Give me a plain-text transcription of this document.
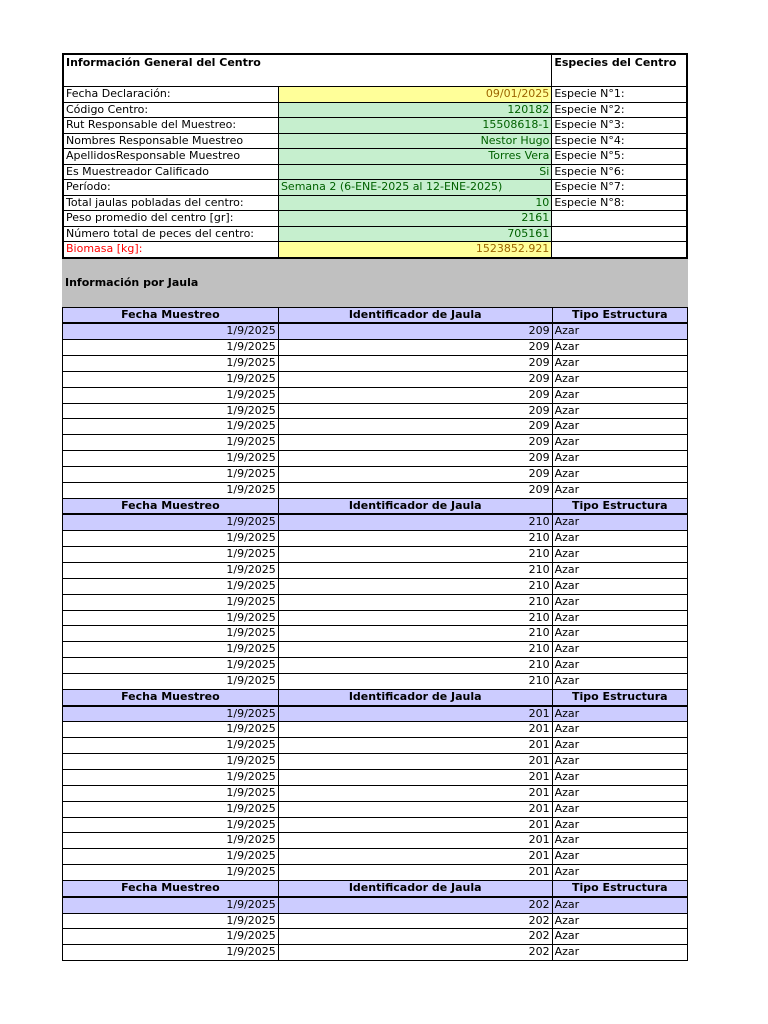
Información General del Centro		Especies del Centro
Fecha Declaración:	09/01/2025	Especie N°1:
Código Centro:	120182	Especie N°2:
Rut Responsable del Muestreo:	15508618-1	Especie N°3:
Nombres Responsable Muestreo	Nestor Hugo	Especie N°4:
ApellidosResponsable Muestreo	Torres Vera	Especie N°5:
Es Muestreador Calificado	Si	Especie N°6:
Período:	Semana 2 (6-ENE-2025 al 12-ENE-2025)	Especie N°7:
Total jaulas pobladas del centro:	10	Especie N°8:
Peso promedio del centro [gr]:	2161	
Número total de peces del centro:	705161	
Biomasa [kg]:	1523852.921	
Información por Jaula
Fecha Muestreo	Identificador de Jaula	Tipo Estructura
1/9/2025	209	Azar
1/9/2025	209	Azar
1/9/2025	209	Azar
1/9/2025	209	Azar
1/9/2025	209	Azar
1/9/2025	209	Azar
1/9/2025	209	Azar
1/9/2025	209	Azar
1/9/2025	209	Azar
1/9/2025	209	Azar
1/9/2025	209	Azar
Fecha Muestreo	Identificador de Jaula	Tipo Estructura
1/9/2025	210	Azar
1/9/2025	210	Azar
1/9/2025	210	Azar
1/9/2025	210	Azar
1/9/2025	210	Azar
1/9/2025	210	Azar
1/9/2025	210	Azar
1/9/2025	210	Azar
1/9/2025	210	Azar
1/9/2025	210	Azar
1/9/2025	210	Azar
Fecha Muestreo	Identificador de Jaula	Tipo Estructura
1/9/2025	201	Azar
1/9/2025	201	Azar
1/9/2025	201	Azar
1/9/2025	201	Azar
1/9/2025	201	Azar
1/9/2025	201	Azar
1/9/2025	201	Azar
1/9/2025	201	Azar
1/9/2025	201	Azar
1/9/2025	201	Azar
1/9/2025	201	Azar
Fecha Muestreo	Identificador de Jaula	Tipo Estructura
1/9/2025	202	Azar
1/9/2025	202	Azar
1/9/2025	202	Azar
1/9/2025	202	Azar
